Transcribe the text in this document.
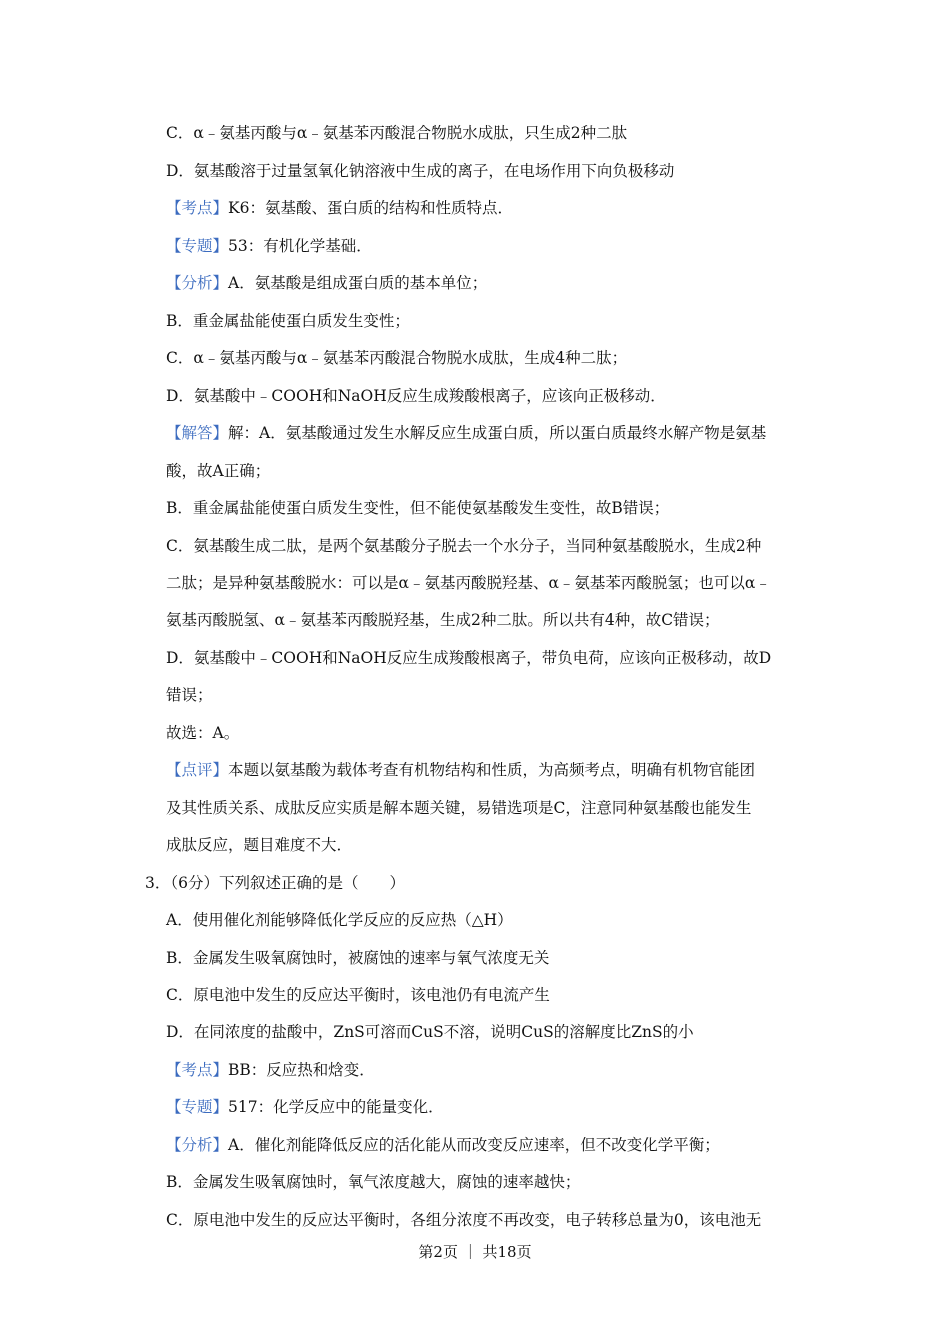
C．α﹣氨基丙酸与α﹣氨基苯丙酸混合物脱水成肽，只生成2种二肽
D．氨基酸溶于过量氢氧化钠溶液中生成的离子，在电场作用下向负极移动
【考点】K6：氨基酸、蛋白质的结构和性质特点．
【专题】53：有机化学基础．
【分析】A．氨基酸是组成蛋白质的基本单位；
B．重金属盐能使蛋白质发生变性；
C．α﹣氨基丙酸与α﹣氨基苯丙酸混合物脱水成肽，生成4种二肽；
D．氨基酸中﹣COOH和NaOH反应生成羧酸根离子，应该向正极移动．
【解答】解：A．氨基酸通过发生水解反应生成蛋白质，所以蛋白质最终水解产物是氨基
酸，故A正确；
B．重金属盐能使蛋白质发生变性，但不能使氨基酸发生变性，故B错误；
C．氨基酸生成二肽，是两个氨基酸分子脱去一个水分子，当同种氨基酸脱水，生成2种
二肽；是异种氨基酸脱水：可以是α﹣氨基丙酸脱羟基、α﹣氨基苯丙酸脱氢；也可以α﹣
氨基丙酸脱氢、α﹣氨基苯丙酸脱羟基，生成2种二肽。所以共有4种，故C错误；
D．氨基酸中﹣COOH和NaOH反应生成羧酸根离子，带负电荷，应该向正极移动，故D
错误；
故选：A。
【点评】本题以氨基酸为载体考查有机物结构和性质，为高频考点，明确有机物官能团
及其性质关系、成肽反应实质是解本题关键，易错选项是C，注意同种氨基酸也能发生
成肽反应，题目难度不大．
3．（6分）下列叙述正确的是（　　）
A．使用催化剂能够降低化学反应的反应热（△H）
B．金属发生吸氧腐蚀时，被腐蚀的速率与氧气浓度无关
C．原电池中发生的反应达平衡时，该电池仍有电流产生
D．在同浓度的盐酸中，ZnS可溶而CuS不溶，说明CuS的溶解度比ZnS的小
【考点】BB：反应热和焓变．
【专题】517：化学反应中的能量变化．
【分析】A．催化剂能降低反应的活化能从而改变反应速率，但不改变化学平衡；
B．金属发生吸氧腐蚀时，氧气浓度越大，腐蚀的速率越快；
C．原电池中发生的反应达平衡时，各组分浓度不再改变，电子转移总量为0，该电池无
第2页 ｜ 共18页
